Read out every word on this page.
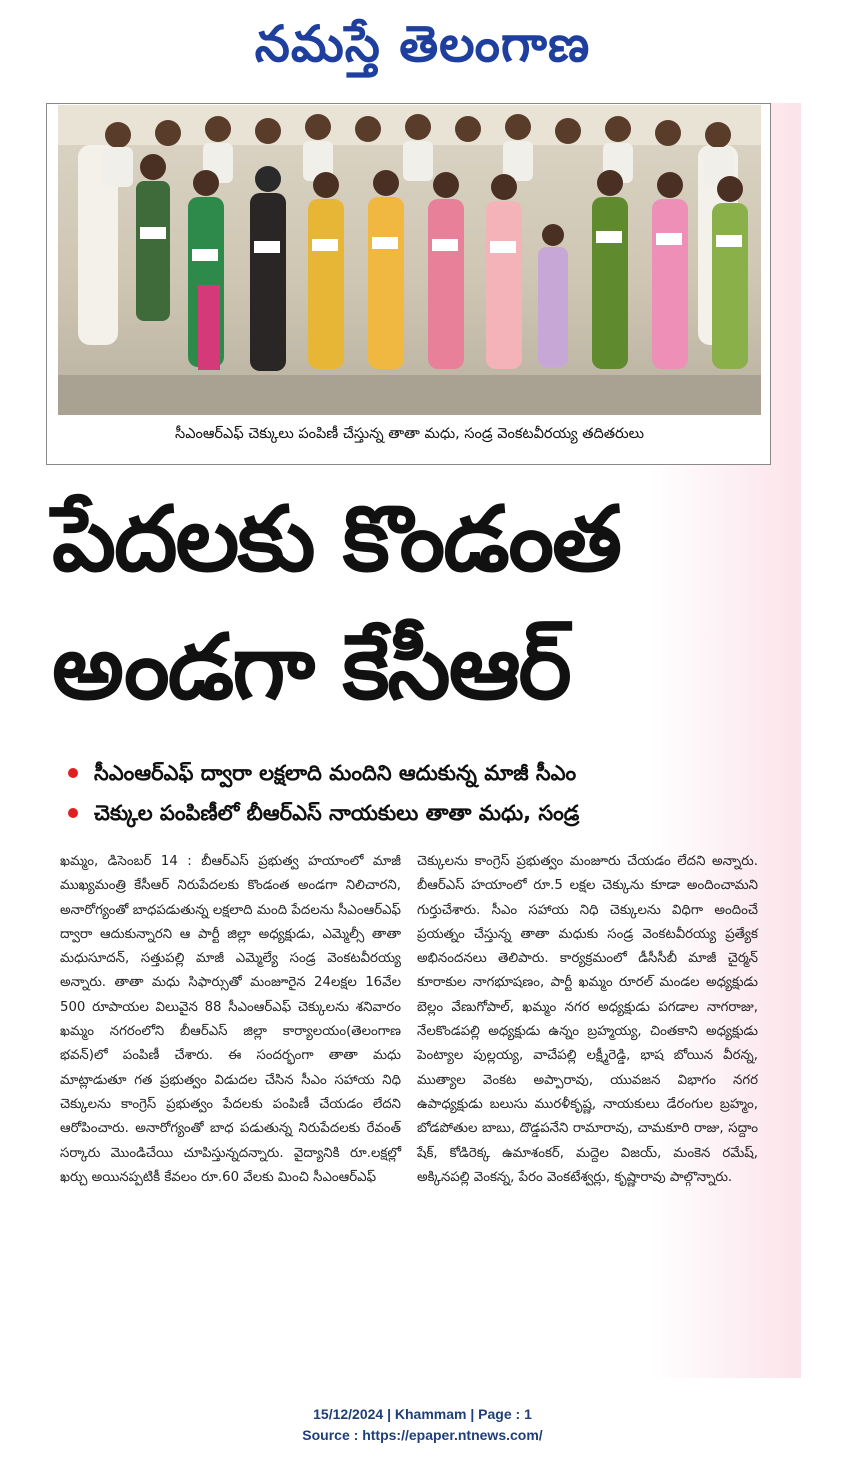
నమస్తే తెలంగాణ
సీఎంఆర్ఎఫ్ చెక్కులు పంపిణీ చేస్తున్న తాతా మధు, సండ్ర వెంకటవీరయ్య తదితరులు
పేదలకు కొండంత
అండగా కేసీఆర్
సీఎంఆర్ఎఫ్ ద్వారా లక్షలాది మందిని ఆదుకున్న మాజీ సీఎం
చెక్కుల పంపిణీలో బీఆర్ఎస్ నాయకులు తాతా మధు, సండ్ర
ఖమ్మం, డిసెంబర్ 14 : బీఆర్ఎస్ ప్రభుత్వ హయాంలో మాజీ ముఖ్యమంత్రి కేసీఆర్ నిరుపేదలకు కొండంత అండగా నిలిచారని, అనారోగ్యంతో బాధపడుతున్న లక్షలాది మంది పేదలను సీఎంఆర్ఎఫ్ ద్వారా ఆదుకున్నారని ఆ పార్టీ జిల్లా అధ్యక్షుడు, ఎమ్మెల్సీ తాతా మధుసూదన్, సత్తుపల్లి మాజీ ఎమ్మెల్యే సండ్ర వెంకటవీరయ్య అన్నారు. తాతా మధు సిఫార్సుతో మంజూరైన 24లక్షల 16వేల 500 రూపాయల విలువైన 88 సీఎంఆర్ఎఫ్ చెక్కులను శనివారం ఖమ్మం నగరంలోని బీఆర్ఎస్ జిల్లా కార్యాలయం(తెలంగాణ భవన్)లో పంపిణీ చేశారు. ఈ సందర్భంగా తాతా మధు మాట్లాడుతూ గత ప్రభుత్వం విడుదల చేసిన సీఎం సహాయ నిధి చెక్కులను కాంగ్రెస్ ప్రభుత్వం పేదలకు పంపిణీ చేయడం లేదని ఆరోపించారు. అనారోగ్యంతో బాధ పడుతున్న నిరుపేదలకు రేవంత్ సర్కారు మొండిచేయి చూపిస్తున్నదన్నారు. వైద్యానికి రూ.లక్షల్లో ఖర్చు అయినప్పటికీ కేవలం రూ.60 వేలకు మించి సీఎంఆర్ఎఫ్
చెక్కులను కాంగ్రెస్ ప్రభుత్వం మంజూరు చేయడం లేదని అన్నారు. బీఆర్ఎస్ హయాంలో రూ.5 లక్షల చెక్కును కూడా అందించామని గుర్తుచేశారు. సీఎం సహాయ నిధి చెక్కులను విధిగా అందించే ప్రయత్నం చేస్తున్న తాతా మధుకు సండ్ర వెంకటవీరయ్య ప్రత్యేక అభినందనలు తెలిపారు. కార్యక్రమంలో డీసీసీబీ మాజీ చైర్మన్ కూరాకుల నాగభూషణం, పార్టీ ఖమ్మం రూరల్ మండల అధ్యక్షుడు బెల్లం వేణుగోపాల్, ఖమ్మం నగర అధ్యక్షుడు పగడాల నాగరాజు, నేలకొండపల్లి అధ్యక్షుడు ఉన్నం బ్రహ్మయ్య, చింతకాని అధ్యక్షుడు పెంట్యాల పుల్లయ్య, వాచేపల్లి లక్ష్మీరెడ్డి, భాష బోయిన వీరన్న, ముత్యాల వెంకట అప్పారావు, యువజన విభాగం నగర ఉపాధ్యక్షుడు బలుసు మురళీకృష్ణ, నాయకులు డేరంగుల బ్రహ్మం, బోడపోతుల బాబు, దొడ్డపనేని రామారావు, చామకూరి రాజు, సద్దాం షేక్, కోడిరెక్క ఉమాశంకర్, మద్దెల విజయ్, మంకెన రమేష్, అక్కినపల్లి వెంకన్న, పేరం వెంకటేశ్వర్లు, కృష్ణారావు పాల్గొన్నారు.
15/12/2024 | Khammam | Page : 1
Source : https://epaper.ntnews.com/
